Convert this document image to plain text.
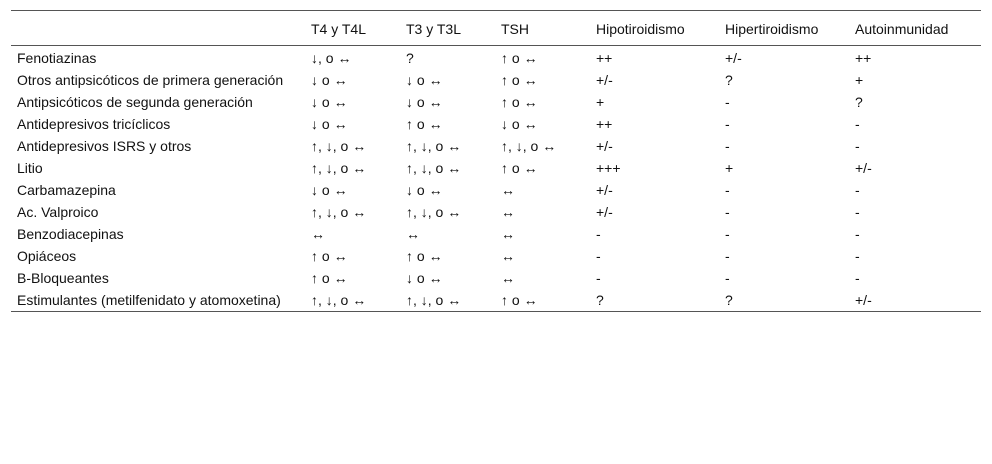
	T4 y T4L	T3 y T3L	TSH	Hipotiroidismo	Hipertiroidismo	Autoinmunidad
Fenotiazinas	↓, o ↔	?	↑ o ↔	++	+/-	++
Otros antipsicóticos de primera generación	↓ o ↔	↓ o ↔	↑ o ↔	+/-	?	+
Antipsicóticos de segunda generación	↓ o ↔	↓ o ↔	↑ o ↔	+	-	?
Antidepresivos tricíclicos	↓ o ↔	↑ o ↔	↓ o ↔	++	-	-
Antidepresivos ISRS y otros	↑, ↓, o ↔	↑, ↓, o ↔	↑, ↓, o ↔	+/-	-	-
Litio	↑, ↓, o ↔	↑, ↓, o ↔	↑ o ↔	+++	+	+/-
Carbamazepina	↓ o ↔	↓ o ↔	↔	+/-	-	-
Ac. Valproico	↑, ↓, o ↔	↑, ↓, o ↔	↔	+/-	-	-
Benzodiacepinas	↔	↔	↔	-	-	-
Opiáceos	↑ o ↔	↑ o ↔	↔	-	-	-
B-Bloqueantes	↑ o ↔	↓ o ↔	↔	-	-	-
Estimulantes (metilfenidato y atomoxetina)	↑, ↓, o ↔	↑, ↓, o ↔	↑ o ↔	?	?	+/-
